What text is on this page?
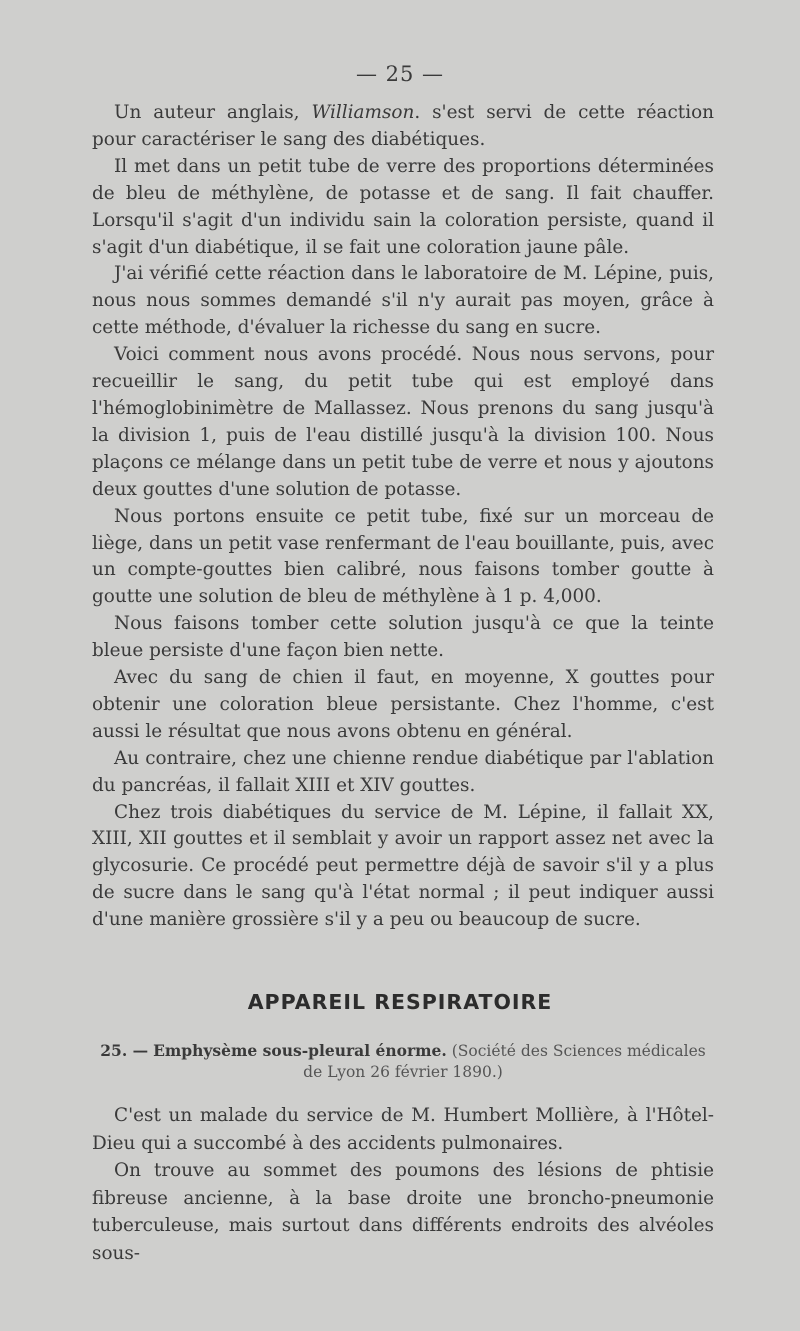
— 25 —

Un auteur anglais, Williamson. s'est servi de cette réaction pour caractériser le sang des diabétiques.

Il met dans un petit tube de verre des proportions déterminées de bleu de méthylène, de potasse et de sang. Il fait chauffer. Lorsqu'il s'agit d'un individu sain la coloration persiste, quand il s'agit d'un diabétique, il se fait une coloration jaune pâle.

J'ai vérifié cette réaction dans le laboratoire de M. Lépine, puis, nous nous sommes demandé s'il n'y aurait pas moyen, grâce à cette méthode, d'évaluer la richesse du sang en sucre.

Voici comment nous avons procédé. Nous nous servons, pour recueillir le sang, du petit tube qui est employé dans l'hémoglobinimètre de Mallassez. Nous prenons du sang jusqu'à la division 1, puis de l'eau distillé jusqu'à la division 100. Nous plaçons ce mélange dans un petit tube de verre et nous y ajoutons deux gouttes d'une solution de potasse.

Nous portons ensuite ce petit tube, fixé sur un morceau de liège, dans un petit vase renfermant de l'eau bouillante, puis, avec un compte-gouttes bien calibré, nous faisons tomber goutte à goutte une solution de bleu de méthylène à 1 p. 4,000.

Nous faisons tomber cette solution jusqu'à ce que la teinte bleue persiste d'une façon bien nette.

Avec du sang de chien il faut, en moyenne, X gouttes pour obtenir une coloration bleue persistante. Chez l'homme, c'est aussi le résultat que nous avons obtenu en général.

Au contraire, chez une chienne rendue diabétique par l'ablation du pancréas, il fallait XIII et XIV gouttes.

Chez trois diabétiques du service de M. Lépine, il fallait XX, XIII, XII gouttes et il semblait y avoir un rapport assez net avec la glycosurie. Ce procédé peut permettre déjà de savoir s'il y a plus de sucre dans le sang qu'à l'état normal ; il peut indiquer aussi d'une manière grossière s'il y a peu ou beaucoup de sucre.

APPAREIL RESPIRATOIRE
25. — Emphysème sous-pleural énorme. (Société des Sciences médicales de Lyon 26 février 1890.)

C'est un malade du service de M. Humbert Mollière, à l'Hôtel-Dieu qui a succombé à des accidents pulmonaires.

On trouve au sommet des poumons des lésions de phtisie fibreuse ancienne, à la base droite une broncho-pneumonie tuberculeuse, mais surtout dans différents endroits des alvéoles sous-
